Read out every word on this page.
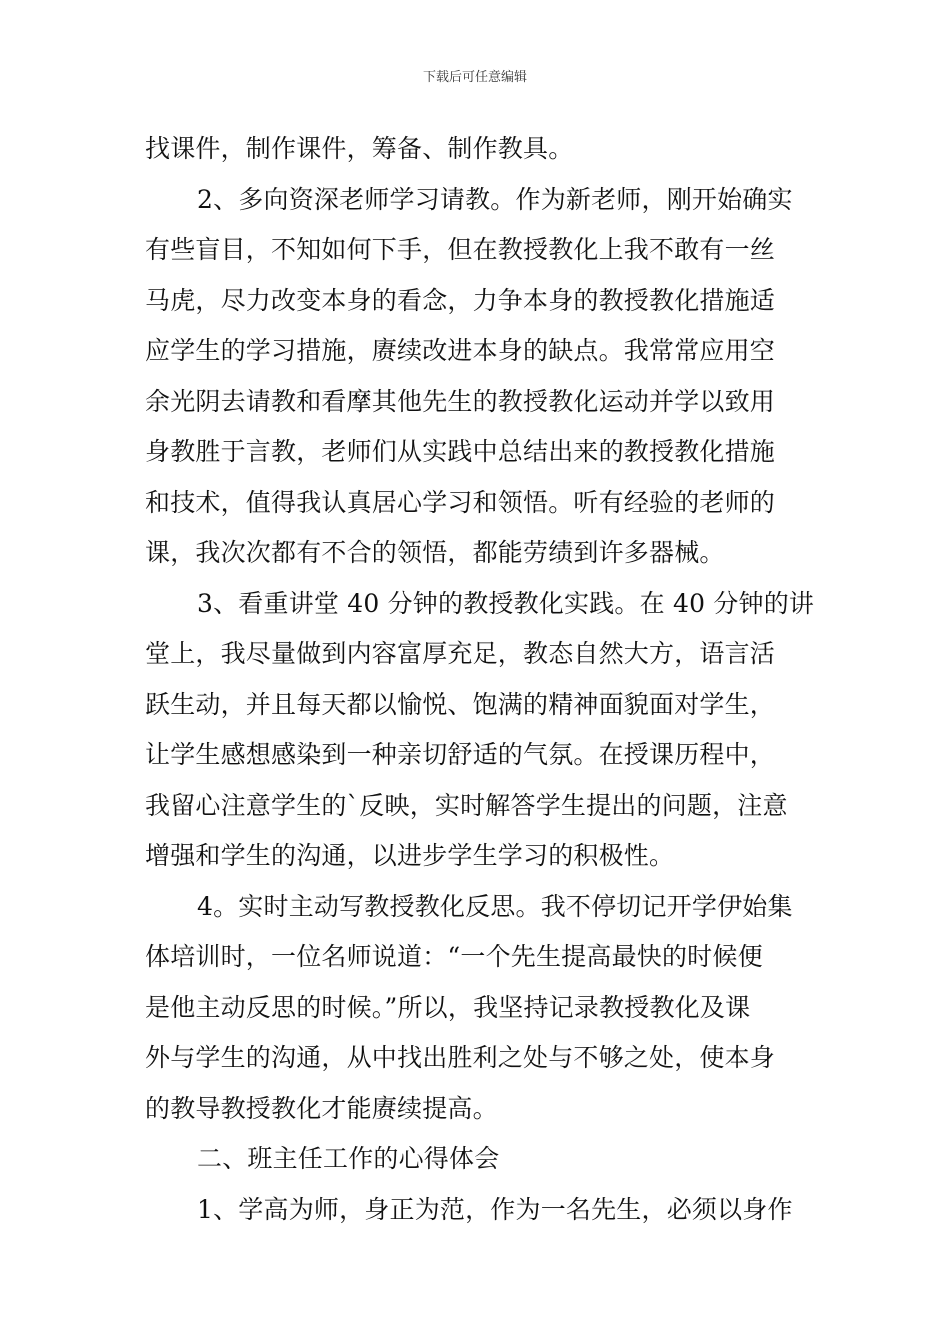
下载后可任意编辑
找课件，制作课件，筹备、制作教具。
2、多向资深老师学习请教。作为新老师，刚开始确实
有些盲目，不知如何下手，但在教授教化上我不敢有一丝
马虎，尽力改变本身的看念，力争本身的教授教化措施适
应学生的学习措施，赓续改进本身的缺点。我常常应用空
余光阴去请教和看摩其他先生的教授教化运动并学以致用
身教胜于言教，老师们从实践中总结出来的教授教化措施
和技术，值得我认真居心学习和领悟。听有经验的老师的
课，我次次都有不合的领悟，都能劳绩到许多器械。
3、看重讲堂 40 分钟的教授教化实践。在 40 分钟的讲
堂上，我尽量做到内容富厚充足，教态自然大方，语言活
跃生动，并且每天都以愉悦、饱满的精神面貌面对学生，
让学生感想感染到一种亲切舒适的气氛。在授课历程中，
我留心注意学生的`反映，实时解答学生提出的问题，注意
增强和学生的沟通，以进步学生学习的积极性。
4。实时主动写教授教化反思。我不停切记开学伊始集
体培训时，一位名师说道：“一个先生提高最快的时候便
是他主动反思的时候。”所以，我坚持记录教授教化及课
外与学生的沟通，从中找出胜利之处与不够之处，使本身
的教导教授教化才能赓续提高。
二、班主任工作的心得体会
1、学高为师，身正为范，作为一名先生，必须以身作
